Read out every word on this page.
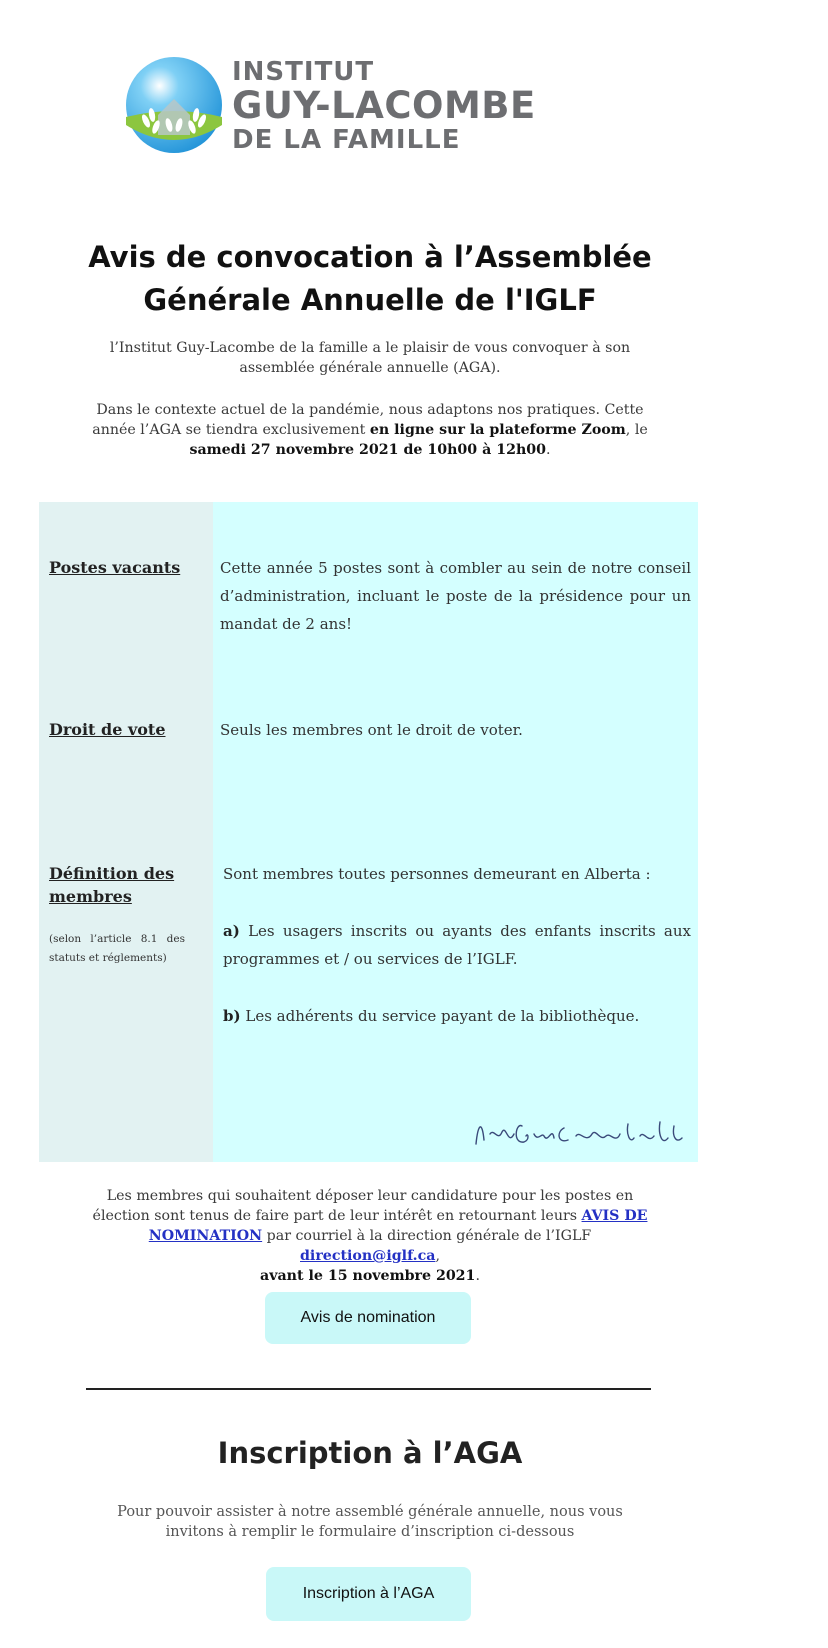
INSTITUT
GUY-LACOMBE
DE LA FAMILLE
Avis de convocation à l’Assemblée
Générale Annuelle de l'IGLF
l’Institut Guy-Lacombe de la famille a le plaisir de vous convoquer à son assemblée générale annuelle (AGA).
Dans le contexte actuel de la pandémie, nous adaptons nos pratiques. Cette année l’AGA se tiendra exclusivement en ligne sur la plateforme Zoom, le samedi 27 novembre 2021 de 10h00 à 12h00.
Postes vacants	Cette année 5 postes sont à combler au sein de notre conseil d’administration, incluant le poste de la présidence pour un mandat de 2 ans!
Droit de vote	Seuls les membres ont le droit de voter.
Définition des membres
(selon l’article 8.1 des statuts et réglements)
Sont membres toutes personnes demeurant en Alberta :
a) Les usagers inscrits ou ayants des enfants inscrits aux programmes et / ou services de l’IGLF.
b) Les adhérents du service payant de la bibliothèque.
Les membres qui souhaitent déposer leur candidature pour les postes en élection sont tenus de faire part de leur intérêt en retournant leurs AVIS DE NOMINATION par courriel à la direction générale de l’IGLF direction@iglf.ca,
avant le 15 novembre 2021.
Avis de nomination
Inscription à l’AGA
Pour pouvoir assister à notre assemblé générale annuelle, nous vous invitons à remplir le formulaire d’inscription ci-dessous
Inscription à l’AGA
